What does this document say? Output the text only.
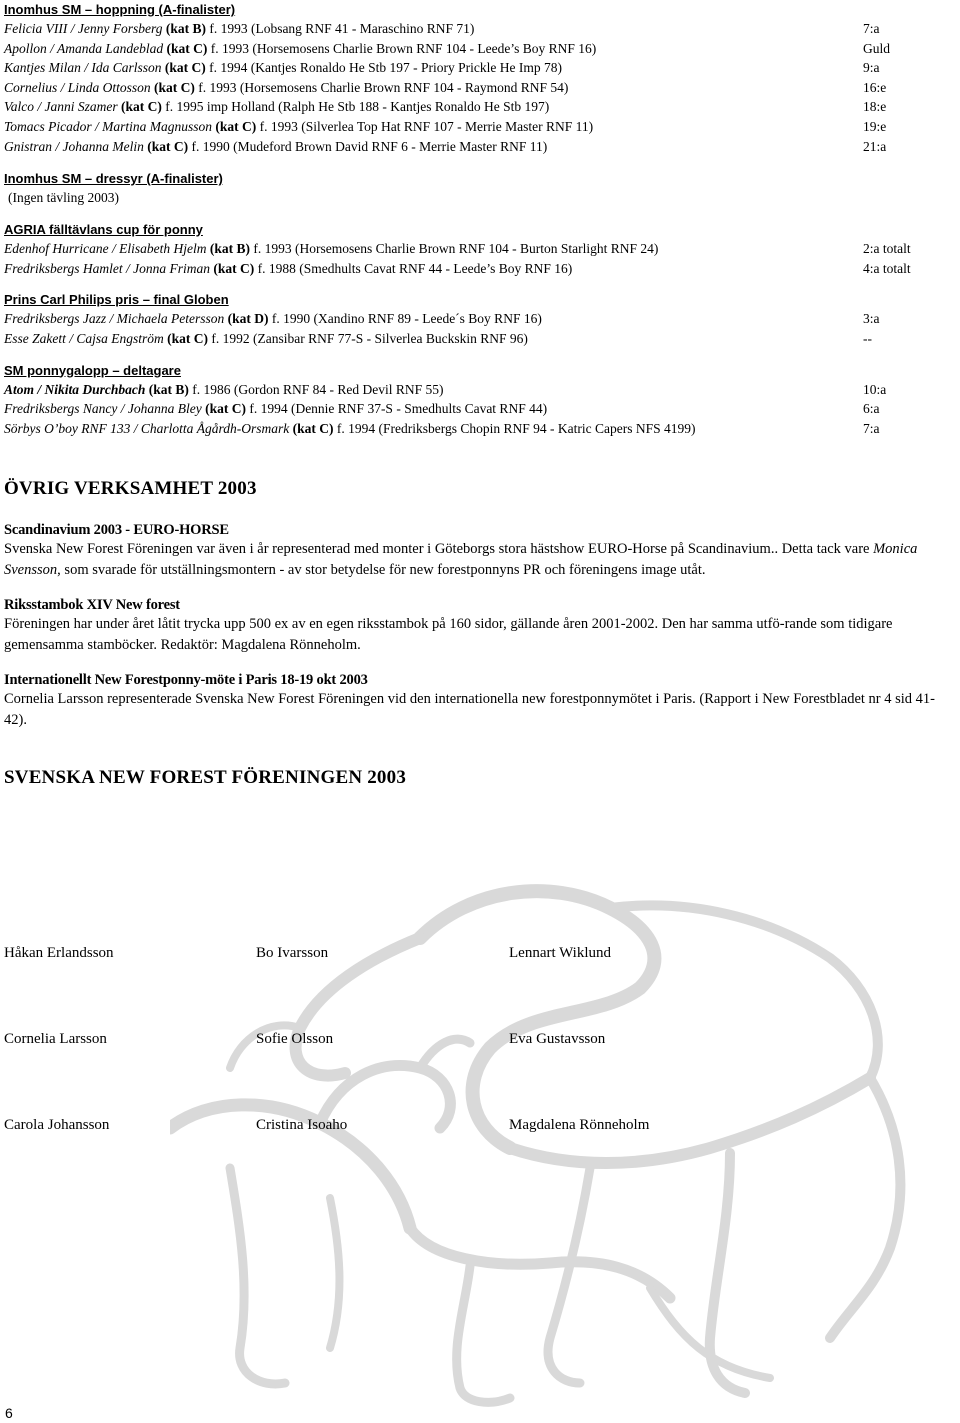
Inomhus SM – hoppning (A-finalister)
Felicia VIII / Jenny Forsberg (kat B) f. 1993 (Lobsang RNF 41 - Maraschino RNF 71)	7:a
Apollon / Amanda Landeblad (kat C) f. 1993 (Horsemosens Charlie Brown RNF 104 - Leede’s Boy RNF 16)	Guld
Kantjes Milan / Ida Carlsson (kat C) f. 1994 (Kantjes Ronaldo He Stb 197 - Priory Prickle He Imp 78)	9:a
Cornelius / Linda Ottosson (kat C) f. 1993 (Horsemosens Charlie Brown RNF 104 - Raymond RNF 54)	16:e
Valco / Janni Szamer (kat C) f. 1995 imp Holland (Ralph He Stb 188 - Kantjes Ronaldo He Stb 197)	18:e
Tomacs Picador / Martina Magnusson (kat C) f. 1993 (Silverlea Top Hat RNF 107 - Merrie Master RNF 11)	19:e
Gnistran / Johanna Melin (kat C) f. 1990 (Mudeford Brown David RNF 6 - Merrie Master RNF 11)	21:a
Inomhus SM – dressyr (A-finalister)
(Ingen tävling 2003)
AGRIA fälltävlans cup för ponny
Edenhof Hurricane / Elisabeth Hjelm (kat B) f. 1993 (Horsemosens Charlie Brown RNF 104 - Burton Starlight RNF 24)	2:a totalt
Fredriksbergs Hamlet / Jonna Friman (kat C) f. 1988 (Smedhults Cavat RNF 44 - Leede’s Boy RNF 16)	4:a totalt
Prins Carl Philips pris – final Globen
Fredriksbergs Jazz / Michaela Petersson (kat D) f. 1990 (Xandino RNF 89 - Leede´s Boy RNF 16)	3:a
Esse Zakett / Cajsa Engström (kat C) f. 1992 (Zansibar RNF 77-S - Silverlea Buckskin RNF 96)	--
SM ponnygalopp – deltagare
Atom / Nikita Durchbach (kat B) f. 1986 (Gordon RNF 84 - Red Devil RNF 55)	10:a
Fredriksbergs Nancy / Johanna Bley (kat C) f. 1994 (Dennie RNF 37-S - Smedhults Cavat RNF 44)	6:a
Sörbys O’boy RNF 133 / Charlotta Ågårdh-Orsmark (kat C) f. 1994 (Fredriksbergs Chopin RNF 94 - Katric Capers NFS 4199)	7:a
ÖVRIG VERKSAMHET 2003
Scandinavium 2003 - EURO-HORSE
Svenska New Forest Föreningen var även i år representerad med monter i Göteborgs stora hästshow EURO-Horse på Scandinavium.. Detta tack vare Monica Svensson, som svarade för utställningsmontern - av stor betydelse för new forestponnyns PR och föreningens image utåt.
Riksstambok XIV New forest
Föreningen har under året låtit trycka upp 500 ex av en egen riksstambok på 160 sidor, gällande åren 2001-2002. Den har samma utfö-rande som tidigare gemensamma stamböcker. Redaktör: Magdalena Rönneholm.
Internationellt New Forestponny-möte i Paris 18-19 okt 2003
Cornelia Larsson representerade Svenska New Forest Föreningen vid den internationella new forestponnymötet i Paris. (Rapport i New Forestbladet nr 4 sid 41- 42).
SVENSKA NEW FOREST FÖRENINGEN 2003
6
Håkan Erlandsson	Bo Ivarsson	Lennart Wiklund
Cornelia Larsson	Sofie Olsson	Eva Gustavsson
Carola Johansson	Cristina Isoaho	Magdalena Rönneholm
